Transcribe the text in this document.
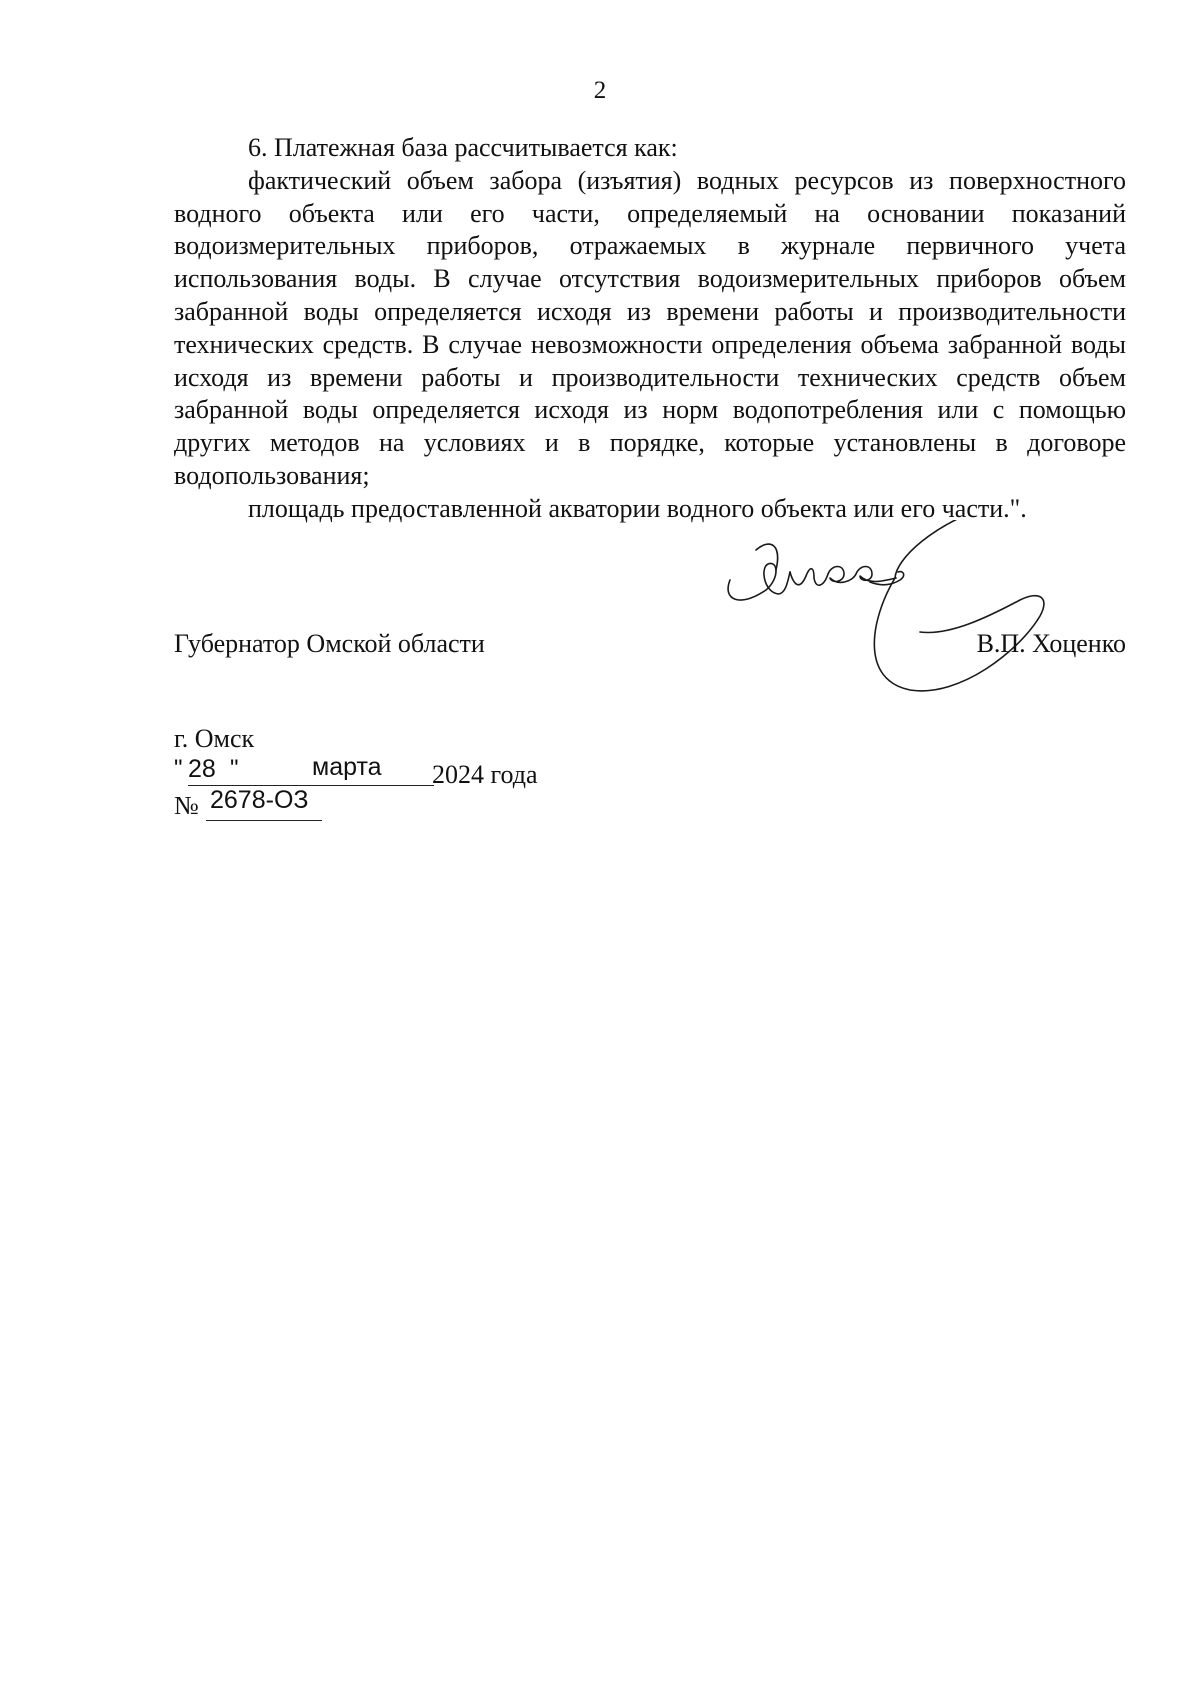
2

6. Платежная база рассчитывается как:

фактический объем забора (изъятия) водных ресурсов из поверхностного водного объекта или его части, определяемый на основании показаний водоизмерительных приборов, отражаемых в журнале первичного учета использования воды. В случае отсутствия водоизмерительных приборов объем забранной воды определяется исходя из времени работы и производительности технических средств. В случае невозможности определения объема забранной воды исходя из времени работы и производительности технических средств объем забранной воды определяется исходя из норм водопотребления или с помощью других методов на условиях и в порядке, которые установлены в договоре водопользования;

площадь предоставленной акватории водного объекта или его части.".

Губернатор Омской области	В.П. Хоценко
г. Омск
" 28 "	марта 2024 года
№ 2678-ОЗ
